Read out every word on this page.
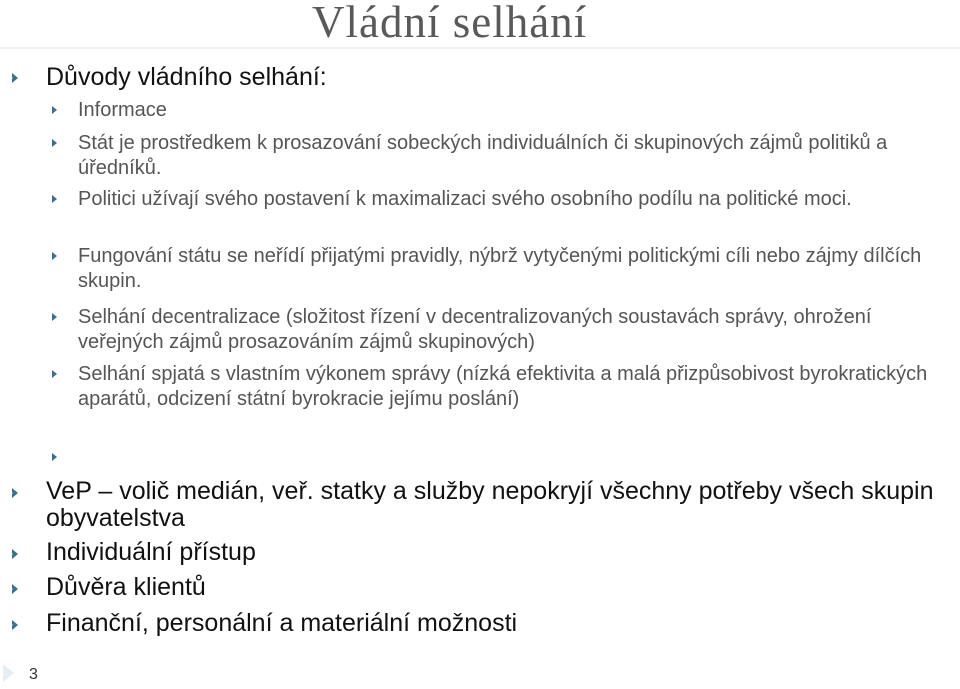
Vládní selhání
Důvody vládního selhání:
Informace
Stát je prostředkem k prosazování sobeckých individuálních či skupinových zájmů politiků a úředníků.
Politici užívají svého postavení k maximalizaci svého osobního podílu na politické moci.
Fungování státu se neřídí přijatými pravidly, nýbrž vytyčenými politickými cíli nebo zájmy dílčích skupin.
Selhání decentralizace (složitost řízení v decentralizovaných soustavách správy, ohrožení veřejných zájmů prosazováním zájmů skupinových)
Selhání spjatá s vlastním výkonem správy (nízká efektivita a malá přizpůsobivost byrokratických aparátů, odcizení státní byrokracie jejímu poslání)
VeP – volič medián, veř. statky a služby nepokryjí všechny potřeby všech skupin obyvatelstva
Individuální přístup
Důvěra klientů
Finanční, personální a materiální možnosti
3
